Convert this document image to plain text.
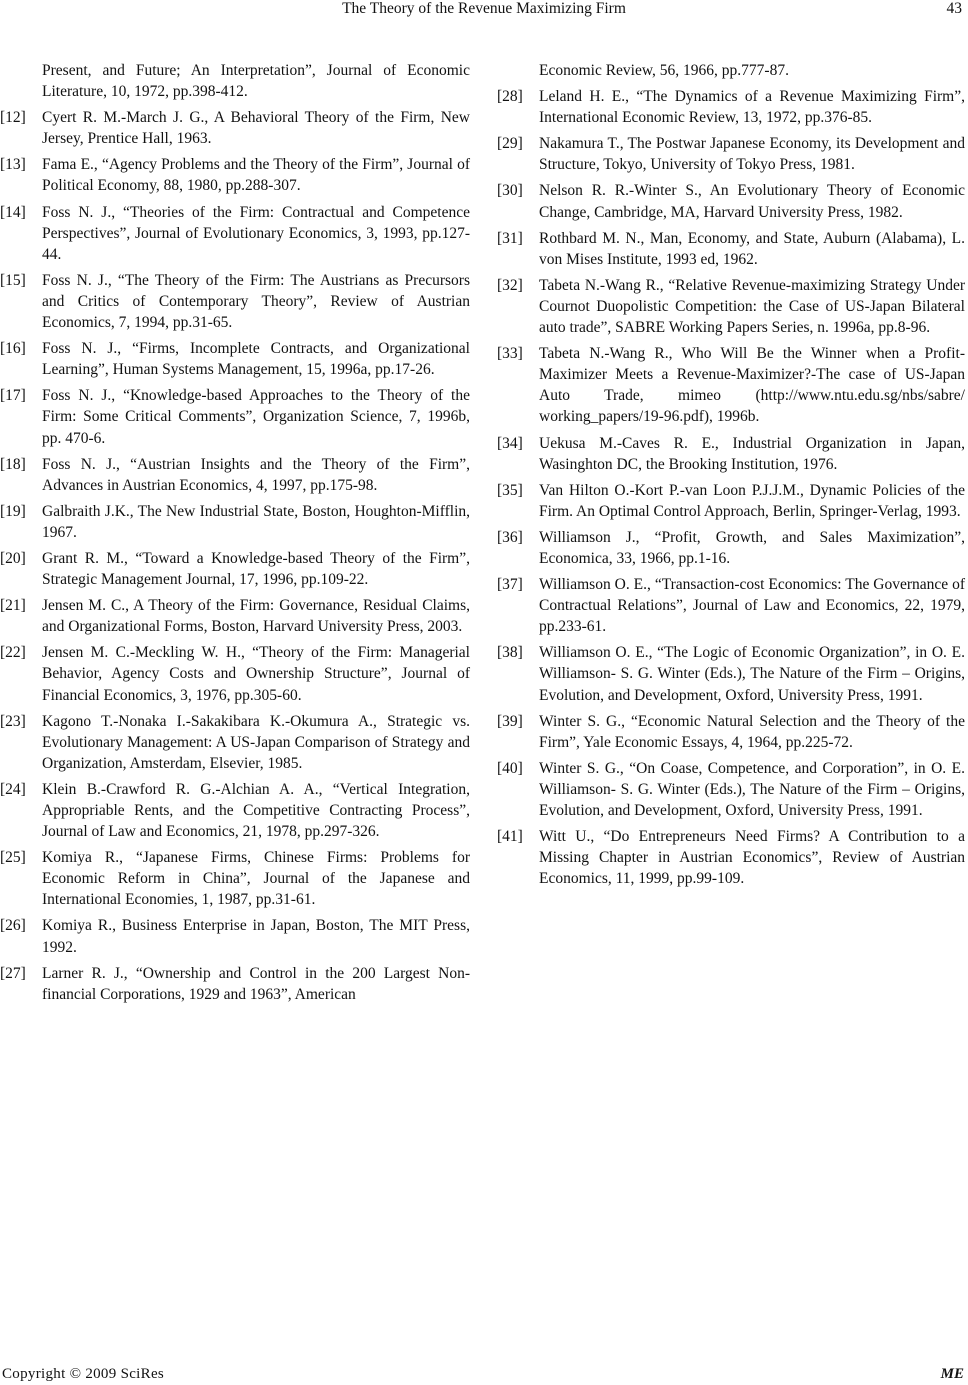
The Theory of the Revenue Maximizing Firm	43
Present, and Future; An Interpretation”, Journal of Economic Literature, 10, 1972, pp.398-412.
[12] Cyert R. M.-March J. G., A Behavioral Theory of the Firm, New Jersey, Prentice Hall, 1963.
[13] Fama E., “Agency Problems and the Theory of the Firm”, Journal of Political Economy, 88, 1980, pp.288-307.
[14] Foss N. J., “Theories of the Firm: Contractual and Competence Perspectives”, Journal of Evolutionary Economics, 3, 1993, pp.127-44.
[15] Foss N. J., “The Theory of the Firm: The Austrians as Precursors and Critics of Contemporary Theory”, Review of Austrian Economics, 7, 1994, pp.31-65.
[16] Foss N. J., “Firms, Incomplete Contracts, and Organizational Learning”, Human Systems Management, 15, 1996a, pp.17-26.
[17] Foss N. J., “Knowledge-based Approaches to the Theory of the Firm: Some Critical Comments”, Organization Science, 7, 1996b, pp. 470-6.
[18] Foss N. J., “Austrian Insights and the Theory of the Firm”, Advances in Austrian Economics, 4, 1997, pp.175-98.
[19] Galbraith J.K., The New Industrial State, Boston, Houghton-Mifflin, 1967.
[20] Grant R. M., “Toward a Knowledge-based Theory of the Firm”, Strategic Management Journal, 17, 1996, pp.109-22.
[21] Jensen M. C., A Theory of the Firm: Governance, Residual Claims, and Organizational Forms, Boston, Harvard University Press, 2003.
[22] Jensen M. C.-Meckling W. H., “Theory of the Firm: Managerial Behavior, Agency Costs and Ownership Structure”, Journal of Financial Economics, 3, 1976, pp.305-60.
[23] Kagono T.-Nonaka I.-Sakakibara K.-Okumura A., Strategic vs. Evolutionary Management: A US-Japan Comparison of Strategy and Organization, Amsterdam, Elsevier, 1985.
[24] Klein B.-Crawford R. G.-Alchian A. A., “Vertical Integration, Appropriable Rents, and the Competitive Contracting Process”, Journal of Law and Economics, 21, 1978, pp.297-326.
[25] Komiya R., “Japanese Firms, Chinese Firms: Problems for Economic Reform in China”, Journal of the Japanese and International Economies, 1, 1987, pp.31-61.
[26] Komiya R., Business Enterprise in Japan, Boston, The MIT Press, 1992.
[27] Larner R. J., “Ownership and Control in the 200 Largest Non-financial Corporations, 1929 and 1963”, American
Economic Review, 56, 1966, pp.777-87.
[28] Leland H. E., “The Dynamics of a Revenue Maximizing Firm”, International Economic Review, 13, 1972, pp.376-85.
[29] Nakamura T., The Postwar Japanese Economy, its Development and Structure, Tokyo, University of Tokyo Press, 1981.
[30] Nelson R. R.-Winter S., An Evolutionary Theory of Economic Change, Cambridge, MA, Harvard University Press, 1982.
[31] Rothbard M. N., Man, Economy, and State, Auburn (Alabama), L. von Mises Institute, 1993 ed, 1962.
[32] Tabeta N.-Wang R., “Relative Revenue-maximizing Strategy Under Cournot Duopolistic Competition: the Case of US-Japan Bilateral auto trade”, SABRE Working Papers Series, n. 1996a, pp.8-96.
[33] Tabeta N.-Wang R., Who Will Be the Winner when a Profit-Maximizer Meets a Revenue-Maximizer?-The case of US-Japan Auto Trade, mimeo (http://www.ntu.edu.sg/nbs/sabre/ working_papers/19-96.pdf), 1996b.
[34] Uekusa M.-Caves R. E., Industrial Organization in Japan, Wasinghton DC, the Brooking Institution, 1976.
[35] Van Hilton O.-Kort P.-van Loon P.J.J.M., Dynamic Policies of the Firm. An Optimal Control Approach, Berlin, Springer-Verlag, 1993.
[36] Williamson J., “Profit, Growth, and Sales Maximization”, Economica, 33, 1966, pp.1-16.
[37] Williamson O. E., “Transaction-cost Economics: The Governance of Contractual Relations”, Journal of Law and Economics, 22, 1979, pp.233-61.
[38] Williamson O. E., “The Logic of Economic Organization”, in O. E. Williamson- S. G. Winter (Eds.), The Nature of the Firm – Origins, Evolution, and Development, Oxford, University Press, 1991.
[39] Winter S. G., “Economic Natural Selection and the Theory of the Firm”, Yale Economic Essays, 4, 1964, pp.225-72.
[40] Winter S. G., “On Coase, Competence, and Corporation”, in O. E. Williamson- S. G. Winter (Eds.), The Nature of the Firm – Origins, Evolution, and Development, Oxford, University Press, 1991.
[41] Witt U., “Do Entrepreneurs Need Firms? A Contribution to a Missing Chapter in Austrian Economics”, Review of Austrian Economics, 11, 1999, pp.99-109.
Copyright © 2009 SciRes	ME
